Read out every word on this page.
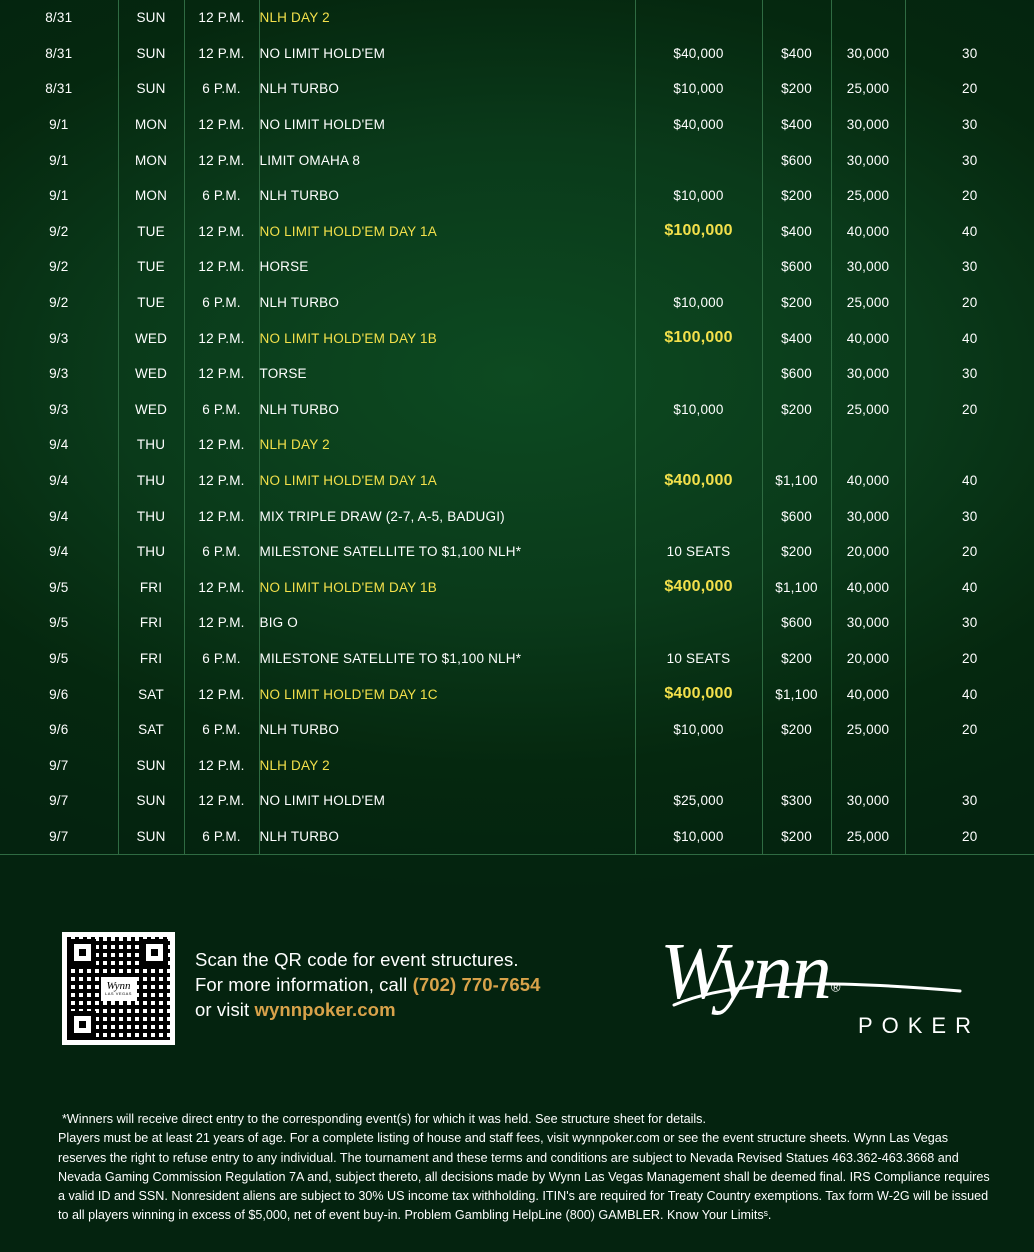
8/31	SUN	12 P.M.	NLH DAY 2				
8/31	SUN	12 P.M.	NO LIMIT HOLD'EM	$40,000	$400	30,000	30
8/31	SUN	6 P.M.	NLH TURBO	$10,000	$200	25,000	20
9/1	MON	12 P.M.	NO LIMIT HOLD'EM	$40,000	$400	30,000	30
9/1	MON	12 P.M.	LIMIT OMAHA 8		$600	30,000	30
9/1	MON	6 P.M.	NLH TURBO	$10,000	$200	25,000	20
9/2	TUE	12 P.M.	NO LIMIT HOLD'EM DAY 1A	$100,000	$400	40,000	40
9/2	TUE	12 P.M.	HORSE		$600	30,000	30
9/2	TUE	6 P.M.	NLH TURBO	$10,000	$200	25,000	20
9/3	WED	12 P.M.	NO LIMIT HOLD'EM DAY 1B	$100,000	$400	40,000	40
9/3	WED	12 P.M.	TORSE		$600	30,000	30
9/3	WED	6 P.M.	NLH TURBO	$10,000	$200	25,000	20
9/4	THU	12 P.M.	NLH DAY 2				
9/4	THU	12 P.M.	NO LIMIT HOLD'EM DAY 1A	$400,000	$1,100	40,000	40
9/4	THU	12 P.M.	MIX TRIPLE DRAW (2-7, A-5, BADUGI)		$600	30,000	30
9/4	THU	6 P.M.	MILESTONE SATELLITE TO $1,100 NLH*	10 SEATS	$200	20,000	20
9/5	FRI	12 P.M.	NO LIMIT HOLD'EM DAY 1B	$400,000	$1,100	40,000	40
9/5	FRI	12 P.M.	BIG O		$600	30,000	30
9/5	FRI	6 P.M.	MILESTONE SATELLITE TO $1,100 NLH*	10 SEATS	$200	20,000	20
9/6	SAT	12 P.M.	NO LIMIT HOLD'EM DAY 1C	$400,000	$1,100	40,000	40
9/6	SAT	6 P.M.	NLH TURBO	$10,000	$200	25,000	20
9/7	SUN	12 P.M.	NLH DAY 2				
9/7	SUN	12 P.M.	NO LIMIT HOLD'EM	$25,000	$300	30,000	30
9/7	SUN	6 P.M.	NLH TURBO	$10,000	$200	25,000	20
Wynn
LAS VEGAS
Scan the QR code for event structures.
For more information, call (702) 770-7654
or visit wynnpoker.com	Wynn®
POKER

*Winners will receive direct entry to the corresponding event(s) for which it was held. See structure sheet for details.

Players must be at least 21 years of age. For a complete listing of house and staff fees, visit wynnpoker.com or see the event structure sheets. Wynn Las Vegas reserves the right to refuse entry to any individual. The tournament and these terms and conditions are subject to Nevada Revised Statues 463.362-463.3668 and Nevada Gaming Commission Regulation 7A and, subject thereto, all decisions made by Wynn Las Vegas Management shall be deemed final. IRS Compliance requires a valid ID and SSN. Nonresident aliens are subject to 30% US income tax withholding. ITIN's are required for Treaty Country exemptions. Tax form W-2G will be issued to all players winning in excess of $5,000, net of event buy-in. Problem Gambling HelpLine (800) GAMBLER. Know Your Limitsˢ.
